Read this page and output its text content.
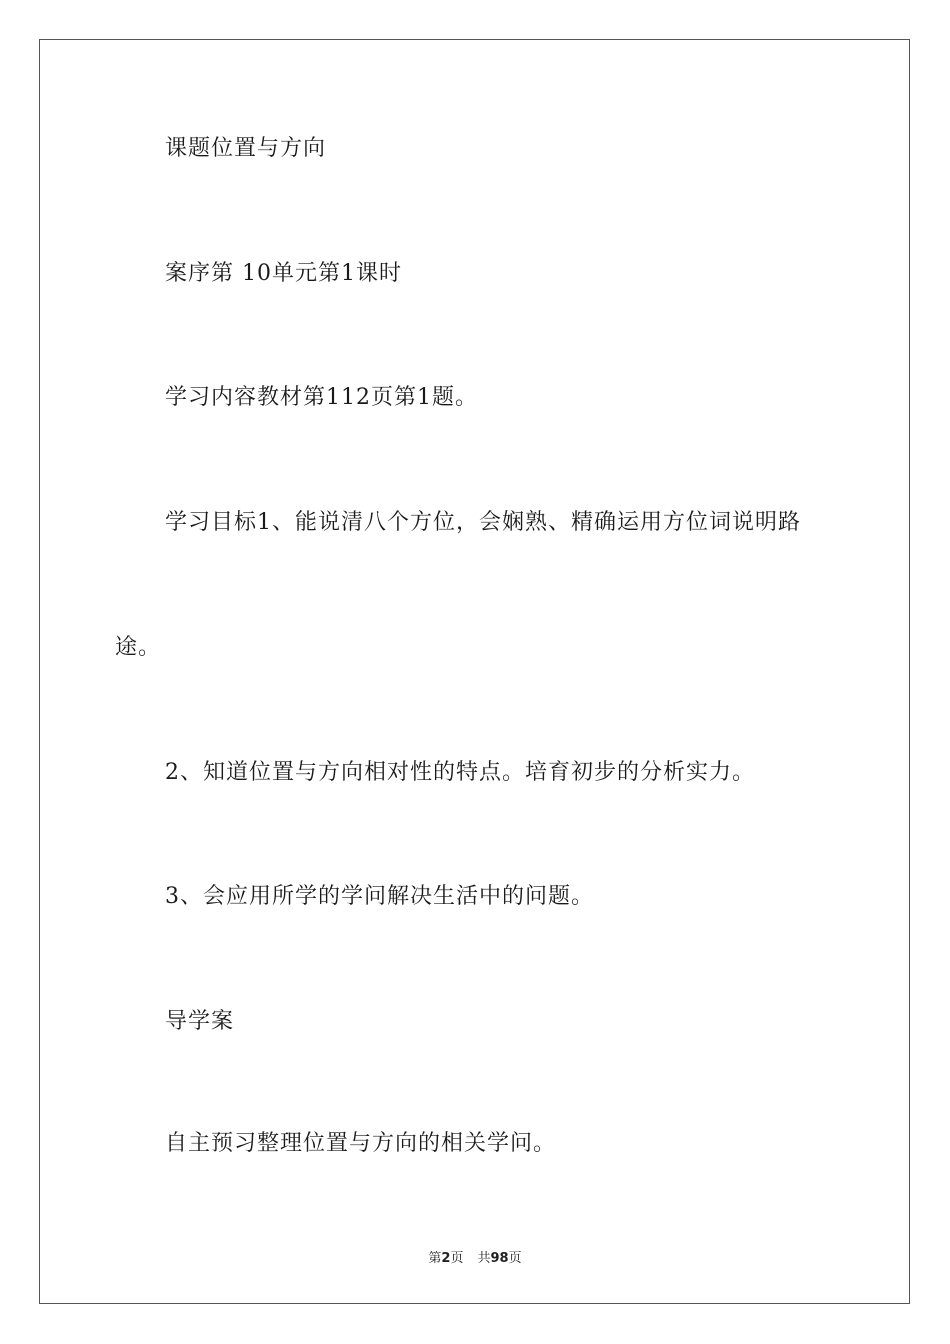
课题位置与方向
案序第 10单元第1课时
学习内容教材第112页第1题。
学习目标1、能说清八个方位，会娴熟、精确运用方位词说明路
途。
2、知道位置与方向相对性的特点。培育初步的分析实力。
3、会应用所学的学问解决生活中的问题。
导学案
自主预习整理位置与方向的相关学问。
第2页 共98页
